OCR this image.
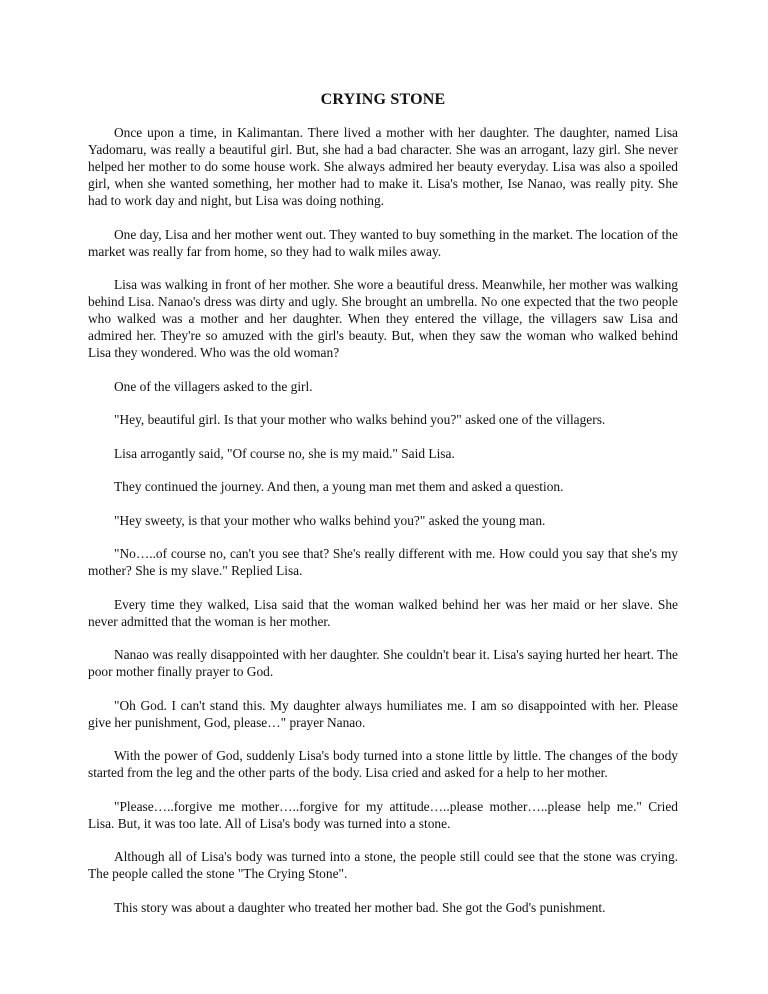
CRYING STONE

Once upon a time, in Kalimantan. There lived a mother with her daughter. The daughter, named Lisa Yadomaru, was really a beautiful girl. But, she had a bad character. She was an arrogant, lazy girl. She never helped her mother to do some house work. She always admired her beauty everyday. Lisa was also a spoiled girl, when she wanted something, her mother had to make it. Lisa's mother, Ise Nanao, was really pity. She had to work day and night, but Lisa was doing nothing.

One day, Lisa and her mother went out. They wanted to buy something in the market. The location of the market was really far from home, so they had to walk miles away.

Lisa was walking in front of her mother. She wore a beautiful dress. Meanwhile, her mother was walking behind Lisa. Nanao's dress was dirty and ugly. She brought an umbrella. No one expected that the two people who walked was a mother and her daughter. When they entered the village, the villagers saw Lisa and admired her. They're so amuzed with the girl's beauty. But, when they saw the woman who walked behind Lisa they wondered. Who was the old woman?

One of the villagers asked to the girl.

"Hey, beautiful girl. Is that your mother who walks behind you?" asked one of the villagers.

Lisa arrogantly said, "Of course no, she is my maid." Said Lisa.

They continued the journey. And then, a young man met them and asked a question.

"Hey sweety, is that your mother who walks behind you?" asked the young man.

"No…..of course no, can't you see that? She's really different with me. How could you say that she's my mother? She is my slave." Replied Lisa.

Every time they walked, Lisa said that the woman walked behind her was her maid or her slave. She never admitted that the woman is her mother.

Nanao was really disappointed with her daughter. She couldn't bear it. Lisa's saying hurted her heart. The poor mother finally prayer to God.

"Oh God. I can't stand this. My daughter always humiliates me. I am so disappointed with her. Please give her punishment, God, please…" prayer Nanao.

With the power of God, suddenly Lisa's body turned into a stone little by little. The changes of the body started from the leg and the other parts of the body. Lisa cried and asked for a help to her mother.

"Please…..forgive me mother…..forgive for my attitude…..please mother…..please help me." Cried Lisa. But, it was too late. All of Lisa's body was turned into a stone.

Although all of Lisa's body was turned into a stone, the people still could see that the stone was crying. The people called the stone "The Crying Stone".

This story was about a daughter who treated her mother bad. She got the God's punishment.
